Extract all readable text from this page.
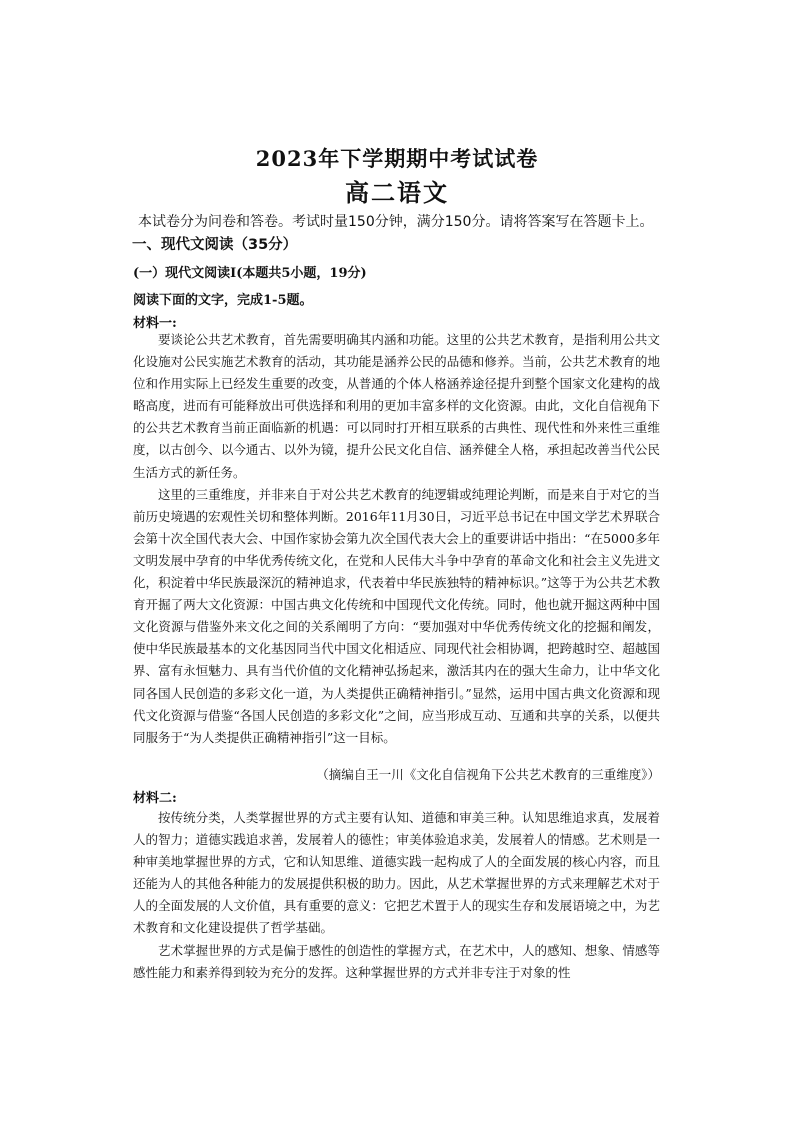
2023年下学期期中考试试卷
高二语文
本试卷分为问卷和答卷。考试时量150分钟，满分150分。请将答案写在答题卡上。
一、现代文阅读（35分）
(一）现代文阅读Ⅰ(本题共5小题，19分)
阅读下面的文字，完成1-5题。
材料一:

要谈论公共艺术教育，首先需要明确其内涵和功能。这里的公共艺术教育，是指利用公共文化设施对公民实施艺术教育的活动，其功能是涵养公民的品德和修养。当前，公共艺术教育的地位和作用实际上已经发生重要的改变，从普通的个体人格涵养途径提升到整个国家文化建构的战略高度，进而有可能释放出可供选择和利用的更加丰富多样的文化资源。由此，文化自信视角下的公共艺术教育当前正面临新的机遇：可以同时打开相互联系的古典性、现代性和外来性三重维度，以古创今、以今通古、以外为镜，提升公民文化自信、涵养健全人格，承担起改善当代公民生活方式的新任务。

这里的三重维度，并非来自于对公共艺术教育的纯逻辑或纯理论判断，而是来自于对它的当前历史境遇的宏观性关切和整体判断。2016年11月30日，习近平总书记在中国文学艺术界联合会第十次全国代表大会、中国作家协会第九次全国代表大会上的重要讲话中指出：“在5000多年文明发展中孕育的中华优秀传统文化，在党和人民伟大斗争中孕育的革命文化和社会主义先进文化，积淀着中华民族最深沉的精神追求，代表着中华民族独特的精神标识。”这等于为公共艺术教育开掘了两大文化资源：中国古典文化传统和中国现代文化传统。同时，他也就开掘这两种中国文化资源与借鉴外来文化之间的关系阐明了方向：“要加强对中华优秀传统文化的挖掘和阐发，使中华民族最基本的文化基因同当代中国文化相适应、同现代社会相协调，把跨越时空、超越国界、富有永恒魅力、具有当代价值的文化精神弘扬起来，激活其内在的强大生命力，让中华文化同各国人民创造的多彩文化一道，为人类提供正确精神指引。”显然，运用中国古典文化资源和现代文化资源与借鉴“各国人民创造的多彩文化”之间，应当形成互动、互通和共享的关系，以便共同服务于“为人类提供正确精神指引”这一目标。

（摘编自王一川《文化自信视角下公共艺术教育的三重维度》）
材料二:

按传统分类，人类掌握世界的方式主要有认知、道德和审美三种。认知思维追求真，发展着人的智力；道德实践追求善，发展着人的德性；审美体验追求美，发展着人的情感。艺术则是一种审美地掌握世界的方式，它和认知思维、道德实践一起构成了人的全面发展的核心内容，而且还能为人的其他各种能力的发展提供积极的助力。因此，从艺术掌握世界的方式来理解艺术对于人的全面发展的人文价值，具有重要的意义：它把艺术置于人的现实生存和发展语境之中，为艺术教育和文化建设提供了哲学基础。

艺术掌握世界的方式是偏于感性的创造性的掌握方式，在艺术中，人的感知、想象、情感等感性能力和素养得到较为充分的发挥。这种掌握世界的方式并非专注于对象的性
